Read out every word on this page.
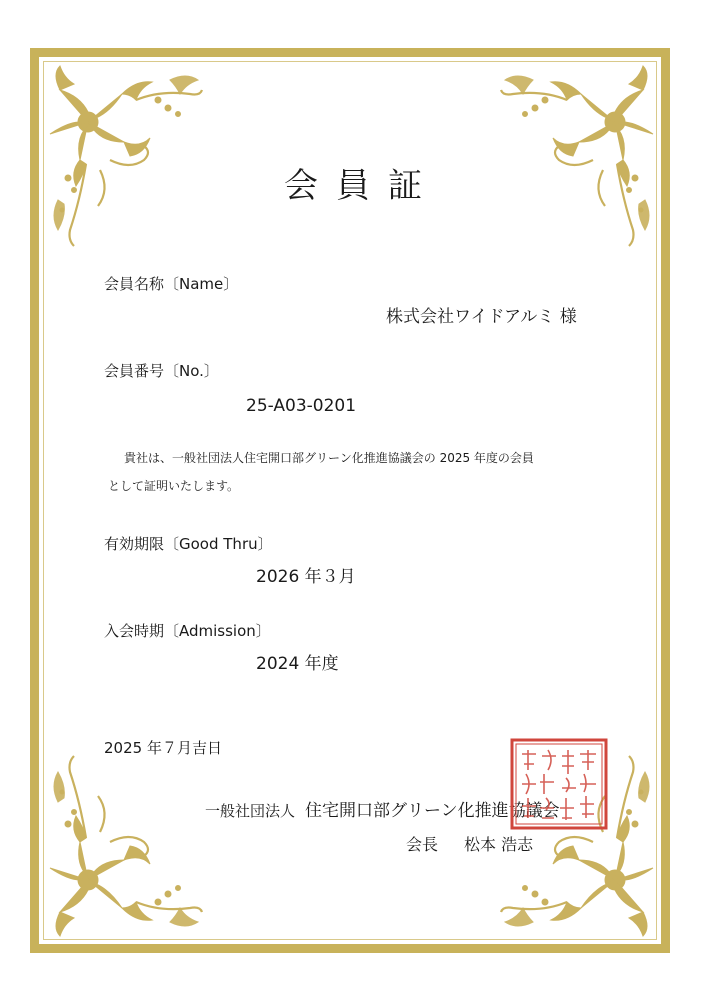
会員証
会員名称〔Name〕
株式会社ワイドアルミ 様
会員番号〔No.〕
25-A03-0201
貴社は、一般社団法人住宅開口部グリーン化推進協議会の 2025 年度の会員
として証明いたします。
有効期限〔Good Thru〕
2026 年３月
入会時期〔Admission〕
2024 年度
2025 年７月吉日
一般社団法人 住宅開口部グリーン化推進協議会
会長 松本 浩志
